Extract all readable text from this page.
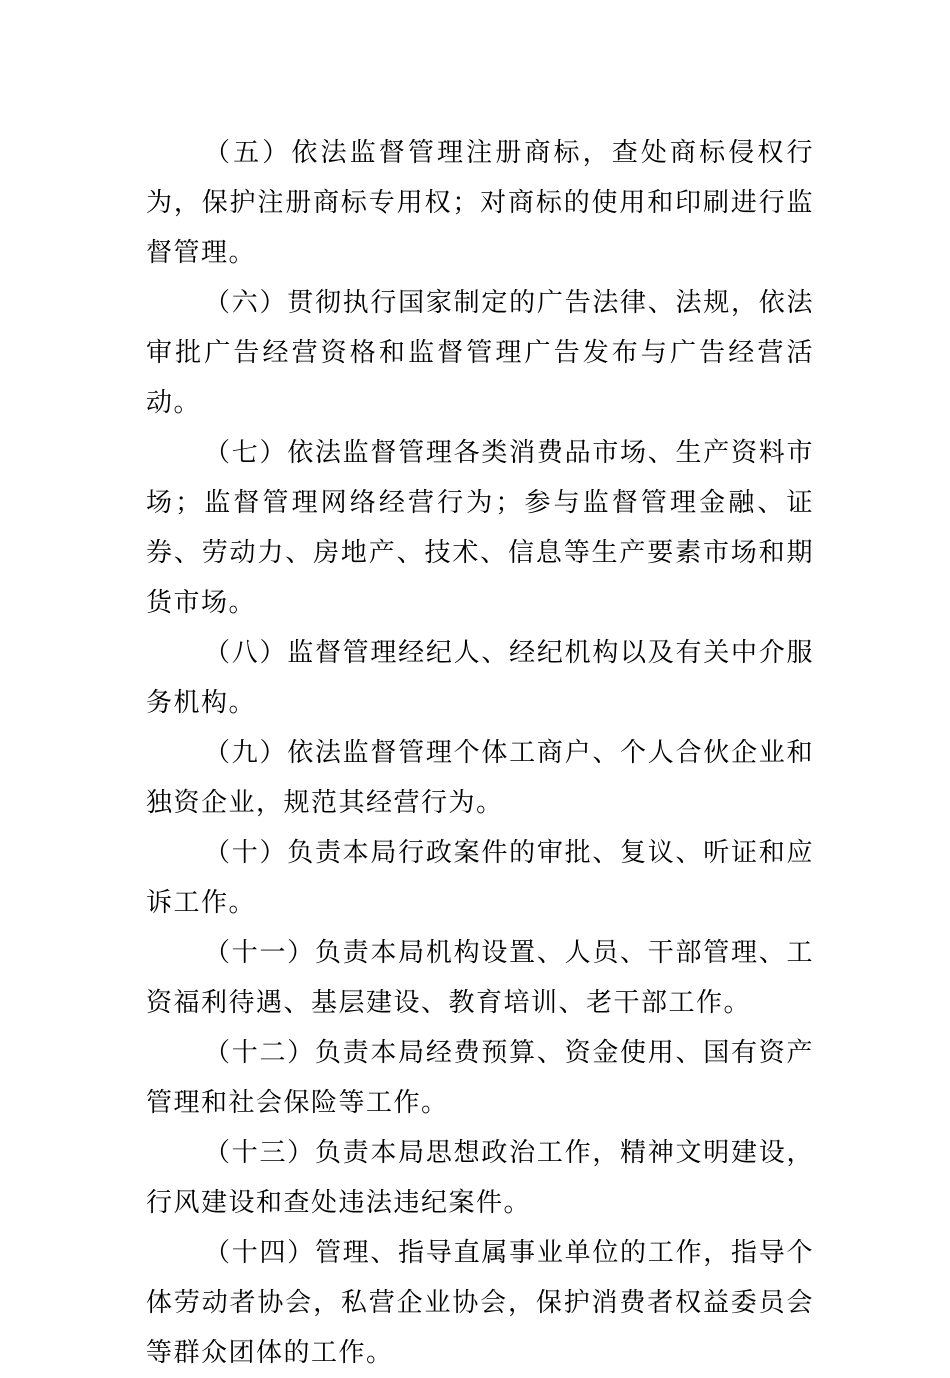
（五）依法监督管理注册商标，查处商标侵权行为，保护注册商标专用权；对商标的使用和印刷进行监督管理。

（六）贯彻执行国家制定的广告法律、法规，依法审批广告经营资格和监督管理广告发布与广告经营活动。

（七）依法监督管理各类消费品市场、生产资料市场；监督管理网络经营行为；参与监督管理金融、证券、劳动力、房地产、技术、信息等生产要素市场和期货市场。

（八）监督管理经纪人、经纪机构以及有关中介服务机构。

（九）依法监督管理个体工商户、个人合伙企业和独资企业，规范其经营行为。

（十）负责本局行政案件的审批、复议、听证和应诉工作。

（十一）负责本局机构设置、人员、干部管理、工资福利待遇、基层建设、教育培训、老干部工作。

（十二）负责本局经费预算、资金使用、国有资产管理和社会保险等工作。

（十三）负责本局思想政治工作，精神文明建设，行风建设和查处违法违纪案件。

（十四）管理、指导直属事业单位的工作，指导个体劳动者协会，私营企业协会，保护消费者权益委员会等群众团体的工作。
